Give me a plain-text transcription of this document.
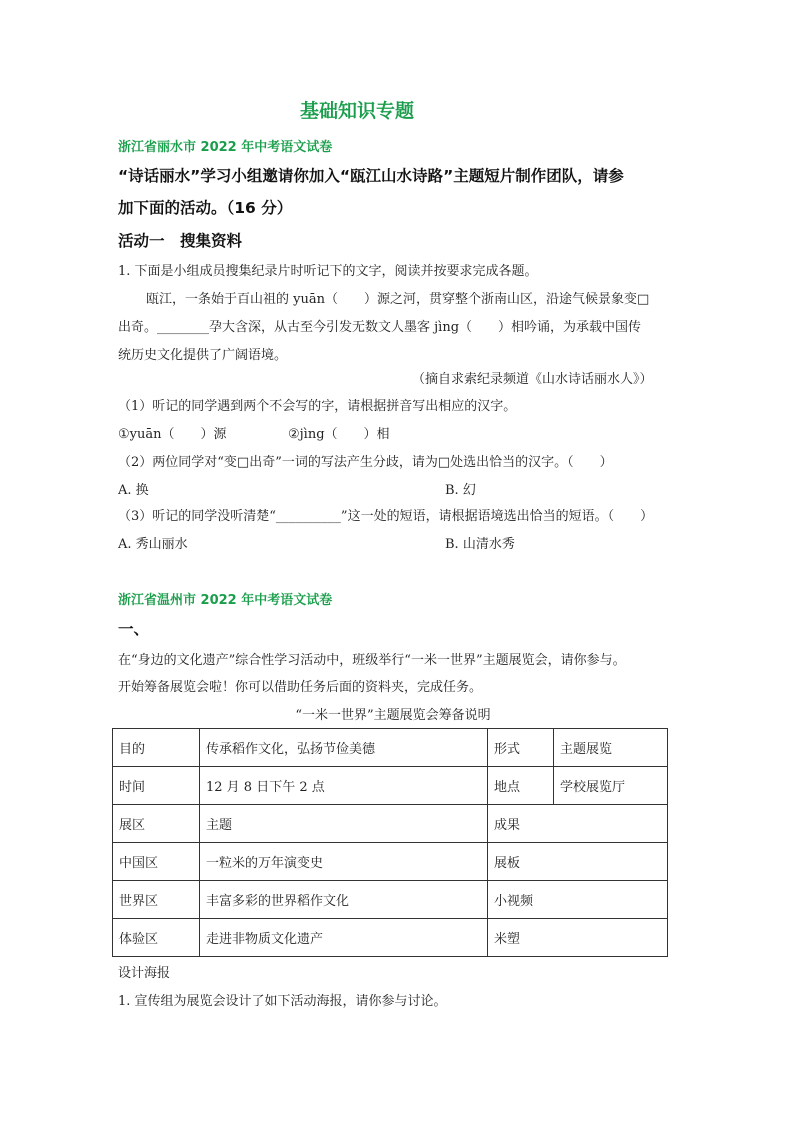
基础知识专题
浙江省丽水市 2022 年中考语文试卷
“诗话丽水”学习小组邀请你加入“瓯江山水诗路”主题短片制作团队，请参
加下面的活动。（16 分）
活动一　搜集资料
1. 下面是小组成员搜集纪录片时听记下的文字，阅读并按要求完成各题。
瓯江，一条始于百山祖的 yuān（　　）源之河，贯穿整个浙南山区，沿途气候景象变□
出奇。________孕大含深，从古至今引发无数文人墨客 jìng（　　）相吟诵，为承载中国传
统历史文化提供了广阔语境。
（摘自求索纪录频道《山水诗话丽水人》）
（1）听记的同学遇到两个不会写的字，请根据拼音写出相应的汉字。
①yuān（　　）源	②jìng（　　）相
（2）两位同学对“变□出奇”一词的写法产生分歧，请为□处选出恰当的汉字。（　　）
A. 换	B. 幻
（3）听记的同学没听清楚“__________”这一处的短语，请根据语境选出恰当的短语。（　　）
A. 秀山丽水	B. 山清水秀
浙江省温州市 2022 年中考语文试卷
一、
在“身边的文化遗产”综合性学习活动中，班级举行“一米一世界”主题展览会，请你参与。
开始筹备展览会啦！你可以借助任务后面的资料夹，完成任务。
“一米一世界”主题展览会筹备说明
目的	传承稻作文化，弘扬节俭美德	形式	主题展览
时间	12 月 8 日下午 2 点	地点	学校展览厅
展区	主题	成果	
中国区	一粒米的万年演变史	展板	
世界区	丰富多彩的世界稻作文化	小视频	
体验区	走进非物质文化遗产	米塑	
设计海报
1. 宣传组为展览会设计了如下活动海报，请你参与讨论。
